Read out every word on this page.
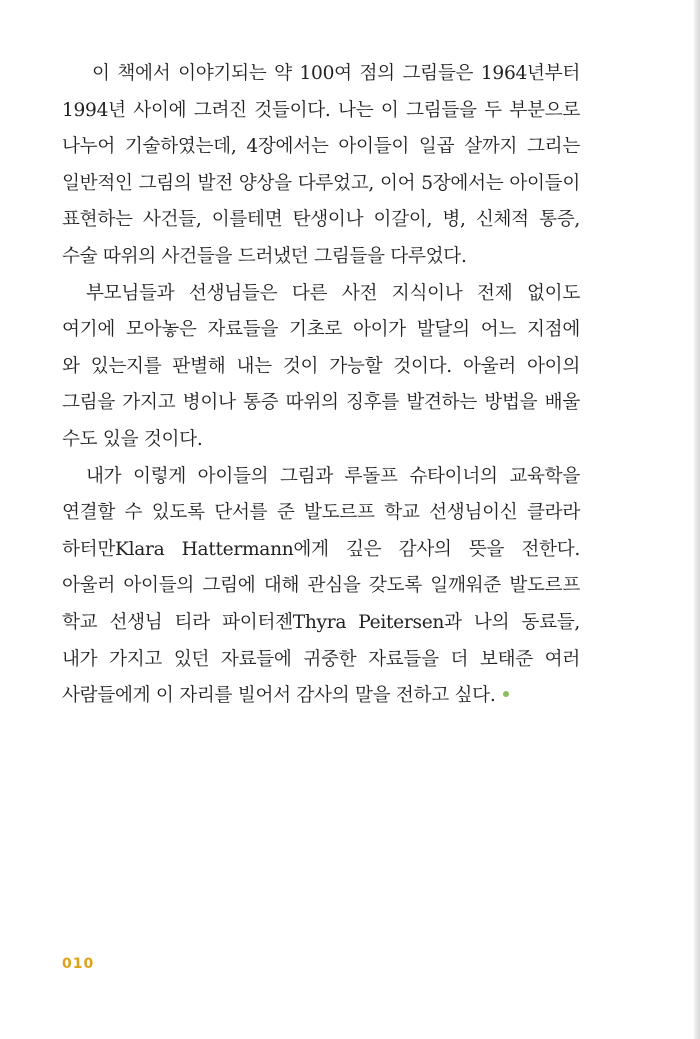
이 책에서 이야기되는 약 100여 점의 그림들은 1964년부터
1994년 사이에 그려진 것들이다. 나는 이 그림들을 두 부분으로
나누어 기술하였는데, 4장에서는 아이들이 일곱 살까지 그리는
일반적인 그림의 발전 양상을 다루었고, 이어 5장에서는 아이들이
표현하는 사건들, 이를테면 탄생이나 이갈이, 병, 신체적 통증,
수술 따위의 사건들을 드러냈던 그림들을 다루었다.
부모님들과 선생님들은 다른 사전 지식이나 전제 없이도
여기에 모아놓은 자료들을 기초로 아이가 발달의 어느 지점에
와 있는지를 판별해 내는 것이 가능할 것이다. 아울러 아이의
그림을 가지고 병이나 통증 따위의 징후를 발견하는 방법을 배울
수도 있을 것이다.
내가 이렇게 아이들의 그림과 루돌프 슈타이너의 교육학을
연결할 수 있도록 단서를 준 발도르프 학교 선생님이신 클라라
하터만Klara Hattermann에게 깊은 감사의 뜻을 전한다.
아울러 아이들의 그림에 대해 관심을 갖도록 일깨워준 발도르프
학교 선생님 티라 파이터젠Thyra Peitersen과 나의 동료들,
내가 가지고 있던 자료들에 귀중한 자료들을 더 보태준 여러
사람들에게 이 자리를 빌어서 감사의 말을 전하고 싶다.
010
